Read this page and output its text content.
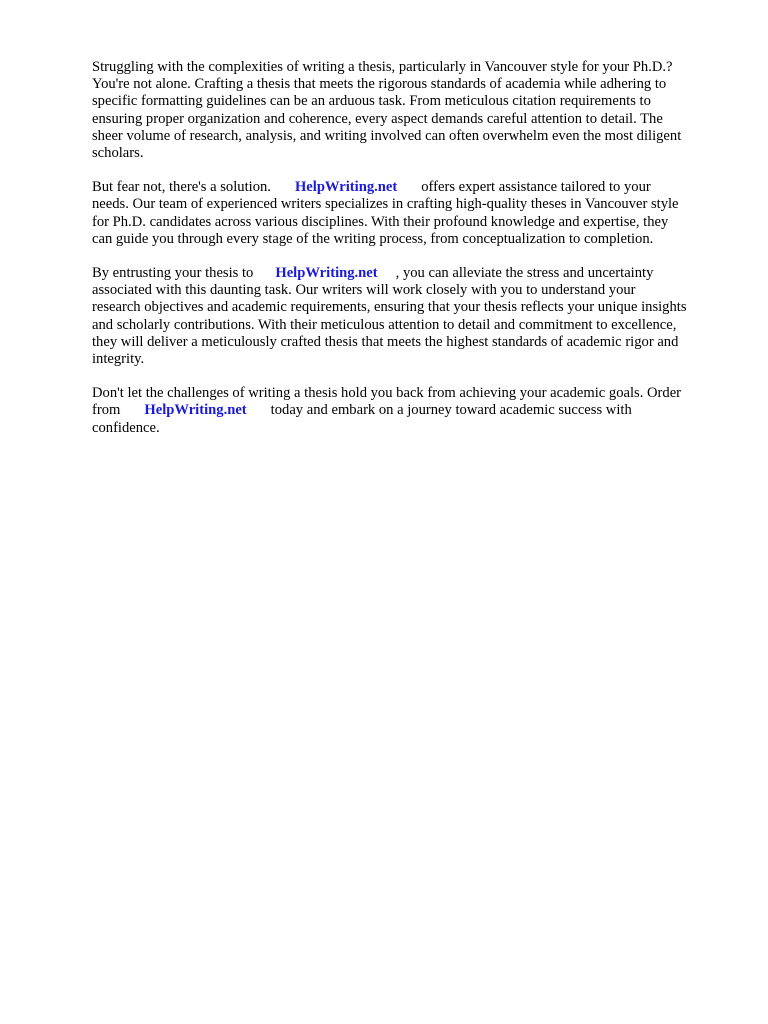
Struggling with the complexities of writing a thesis, particularly in Vancouver style for your Ph.D.?
You're not alone. Crafting a thesis that meets the rigorous standards of academia while adhering to
specific formatting guidelines can be an arduous task. From meticulous citation requirements to
ensuring proper organization and coherence, every aspect demands careful attention to detail. The
sheer volume of research, analysis, and writing involved can often overwhelm even the most diligent
scholars.

But fear not, there's a solution. HelpWriting.net offers expert assistance tailored to your
needs. Our team of experienced writers specializes in crafting high-quality theses in Vancouver style
for Ph.D. candidates across various disciplines. With their profound knowledge and expertise, they
can guide you through every stage of the writing process, from conceptualization to completion.

By entrusting your thesis to HelpWriting.net , you can alleviate the stress and uncertainty
associated with this daunting task. Our writers will work closely with you to understand your
research objectives and academic requirements, ensuring that your thesis reflects your unique insights
and scholarly contributions. With their meticulous attention to detail and commitment to excellence,
they will deliver a meticulously crafted thesis that meets the highest standards of academic rigor and
integrity.

Don't let the challenges of writing a thesis hold you back from achieving your academic goals. Order
from HelpWriting.net today and embark on a journey toward academic success with
confidence.
